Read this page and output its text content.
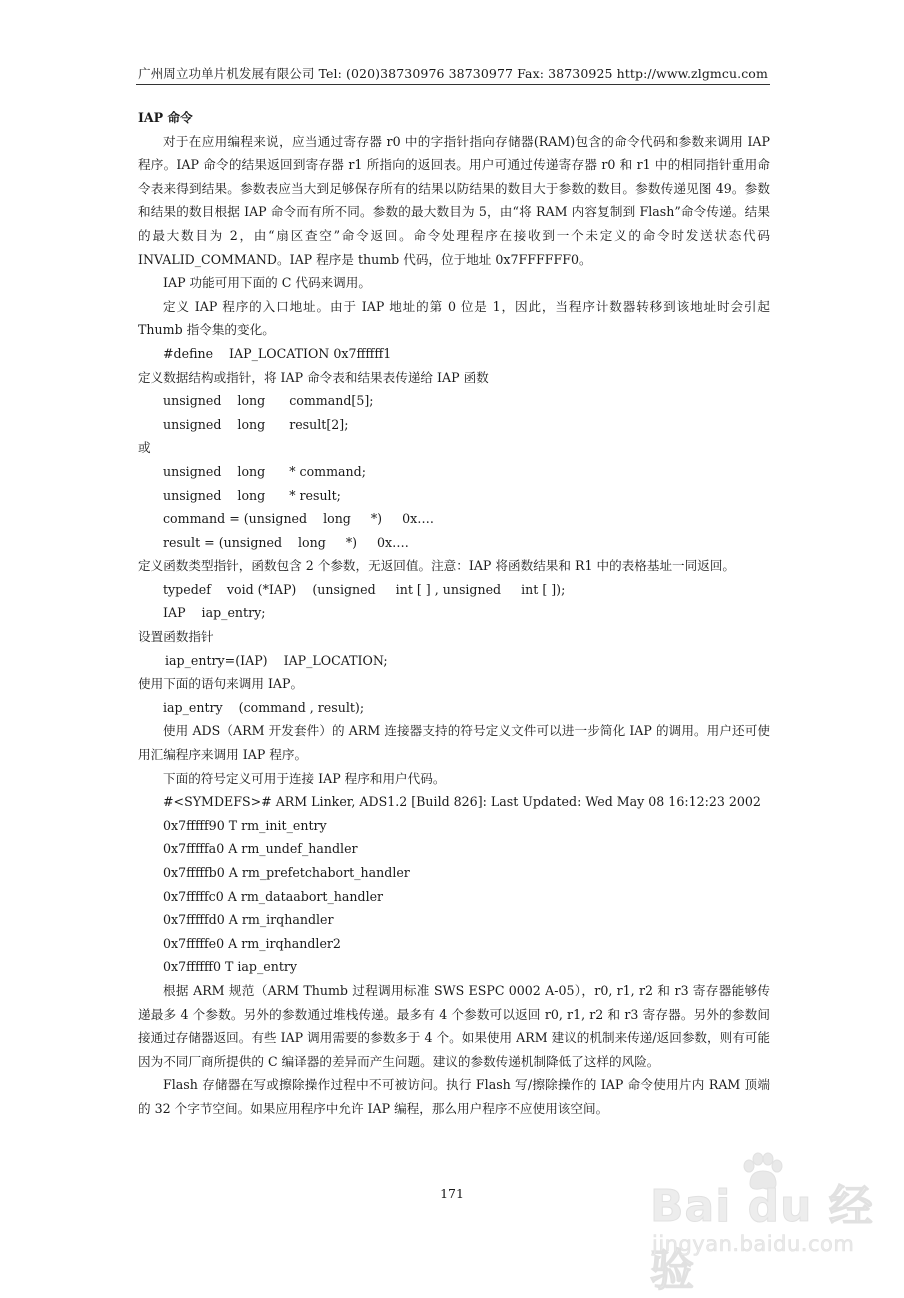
广州周立功单片机发展有限公司 Tel: (020)38730976 38730977 Fax: 38730925 http://www.zlgmcu.com

IAP 命令

对于在应用编程来说，应当通过寄存器 r0 中的字指针指向存储器(RAM)包含的命令代码和参数来调用 IAP 程序。IAP 命令的结果返回到寄存器 r1 所指向的返回表。用户可通过传递寄存器 r0 和 r1 中的相同指针重用命令表来得到结果。参数表应当大到足够保存所有的结果以防结果的数目大于参数的数目。参数传递见图 49。参数和结果的数目根据 IAP 命令而有所不同。参数的最大数目为 5，由“将 RAM 内容复制到 Flash”命令传递。结果的最大数目为 2，由“扇区查空”命令返回。命令处理程序在接收到一个未定义的命令时发送状态代码 INVALID_COMMAND。IAP 程序是 thumb 代码，位于地址 0x7FFFFFF0。

IAP 功能可用下面的 C 代码来调用。

定义 IAP 程序的入口地址。由于 IAP 地址的第 0 位是 1，因此，当程序计数器转移到该地址时会引起 Thumb 指令集的变化。

#define    IAP_LOCATION 0x7ffffff1

定义数据结构或指针，将 IAP 命令表和结果表传递给 IAP 函数

unsigned    long      command[5];

unsigned    long      result[2];

或

unsigned    long      * command;

unsigned    long      * result;

command = (unsigned    long     *)     0x….

result = (unsigned    long     *)     0x….

定义函数类型指针，函数包含 2 个参数，无返回值。注意：IAP 将函数结果和 R1 中的表格基址一同返回。

typedef    void (*IAP)    (unsigned     int [ ] , unsigned     int [ ]);

IAP    iap_entry;

设置函数指针

iap_entry=(IAP)    IAP_LOCATION;

使用下面的语句来调用 IAP。

iap_entry    (command , result);

使用 ADS（ARM 开发套件）的 ARM 连接器支持的符号定义文件可以进一步简化 IAP 的调用。用户还可使用汇编程序来调用 IAP 程序。

下面的符号定义可用于连接 IAP 程序和用户代码。

#<SYMDEFS># ARM Linker, ADS1.2 [Build 826]: Last Updated: Wed May 08 16:12:23 2002

0x7fffff90 T rm_init_entry

0x7fffffa0 A rm_undef_handler

0x7fffffb0 A rm_prefetchabort_handler

0x7fffffc0 A rm_dataabort_handler

0x7fffffd0 A rm_irqhandler

0x7fffffe0 A rm_irqhandler2

0x7ffffff0 T iap_entry

根据 ARM 规范（ARM Thumb 过程调用标准 SWS ESPC 0002 A-05），r0, r1, r2 和 r3 寄存器能够传递最多 4 个参数。另外的参数通过堆栈传递。最多有 4 个参数可以返回 r0, r1, r2 和 r3 寄存器。另外的参数间接通过存储器返回。有些 IAP 调用需要的参数多于 4 个。如果使用 ARM 建议的机制来传递/返回参数，则有可能因为不同厂商所提供的 C 编译器的差异而产生问题。建议的参数传递机制降低了这样的风险。

Flash 存储器在写或擦除操作过程中不可被访问。执行 Flash 写/擦除操作的 IAP 命令使用片内 RAM 顶端的 32 个字节空间。如果应用程序中允许 IAP 编程，那么用户程序不应使用该空间。

171	Bai du 经验
jingyan.baidu.com
